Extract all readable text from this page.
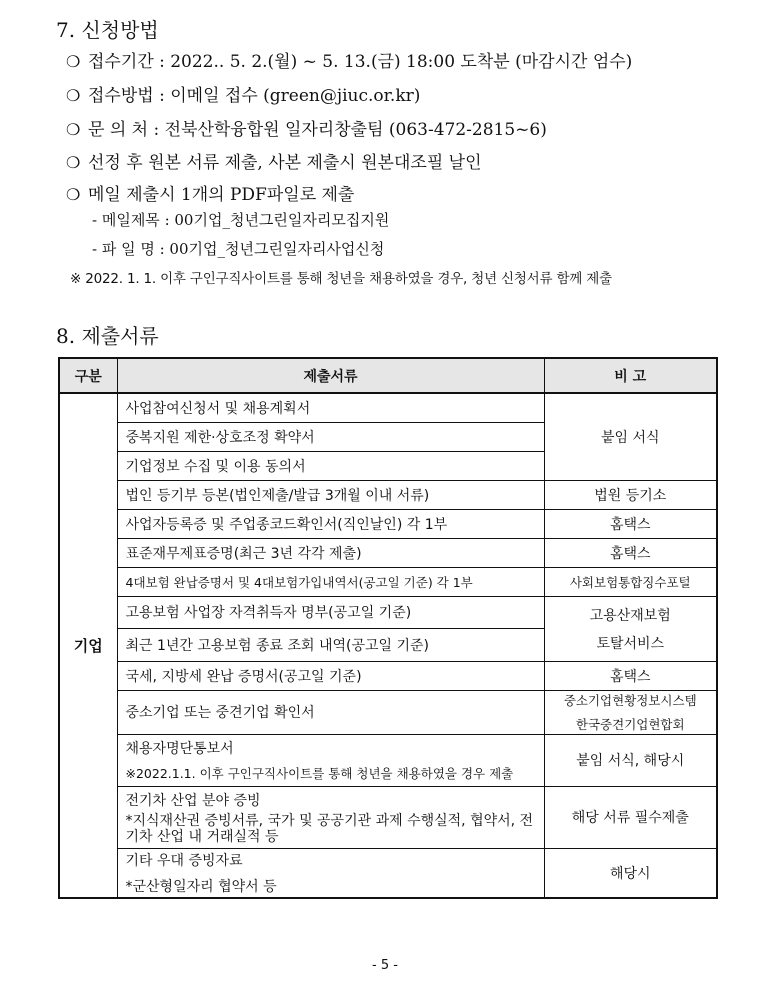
7. 신청방법
❍ 접수기간 : 2022.. 5. 2.(월) ~ 5. 13.(금) 18:00 도착분 (마감시간 엄수)
❍ 접수방법 : 이메일 접수 (green@jiuc.or.kr)
❍ 문 의 처 : 전북산학융합원 일자리창출팀 (063-472-2815~6)
❍ 선정 후 원본 서류 제출, 사본 제출시 원본대조필 날인
❍ 메일 제출시 1개의 PDF파일로 제출
- 메일제목 : 00기업_청년그린일자리모집지원
- 파 일 명 : 00기업_청년그린일자리사업신청
※ 2022. 1. 1. 이후 구인구직사이트를 통해 청년을 채용하였을 경우, 청년 신청서류 함께 제출
8. 제출서류
구분	제출서류	비 고
기업	사업참여신청서 및 채용계획서	붙임 서식
	중복지원 제한·상호조정 확약서	
	기업정보 수집 및 이용 동의서	
	법인 등기부 등본(법인제출/발급 3개월 이내 서류)	법원 등기소
	사업자등록증 및 주업종코드확인서(직인날인) 각 1부	홈택스
	표준재무제표증명(최근 3년 각각 제출)	홈택스
	4대보험 완납증명서 및 4대보험가입내역서(공고일 기준) 각 1부	사회보험통합징수포털
	고용보험 사업장 자격취득자 명부(공고일 기준)	고용산재보험
토탈서비스

	최근 1년간 고용보험 종료 조회 내역(공고일 기준)	
	국세, 지방세 완납 증명서(공고일 기준)	홈택스
	중소기업 또는 중견기업 확인서	중소기업현황정보시스템
한국중견기업현합회

	채용자명단통보서
※2022.1.1. 이후 구인구직사이트를 통해 청년을 채용하였을 경우 제출	붙임 서식, 해당시

	전기차 산업 분야 증빙
*지식재산권 증빙서류, 국가 및 공공기관 과제 수행실적, 협약서, 전기차 산업 내 거래실적 등	해당 서류 필수제출

	기타 우대 증빙자료
*군산형일자리 협약서 등	해당시
- 5 -
